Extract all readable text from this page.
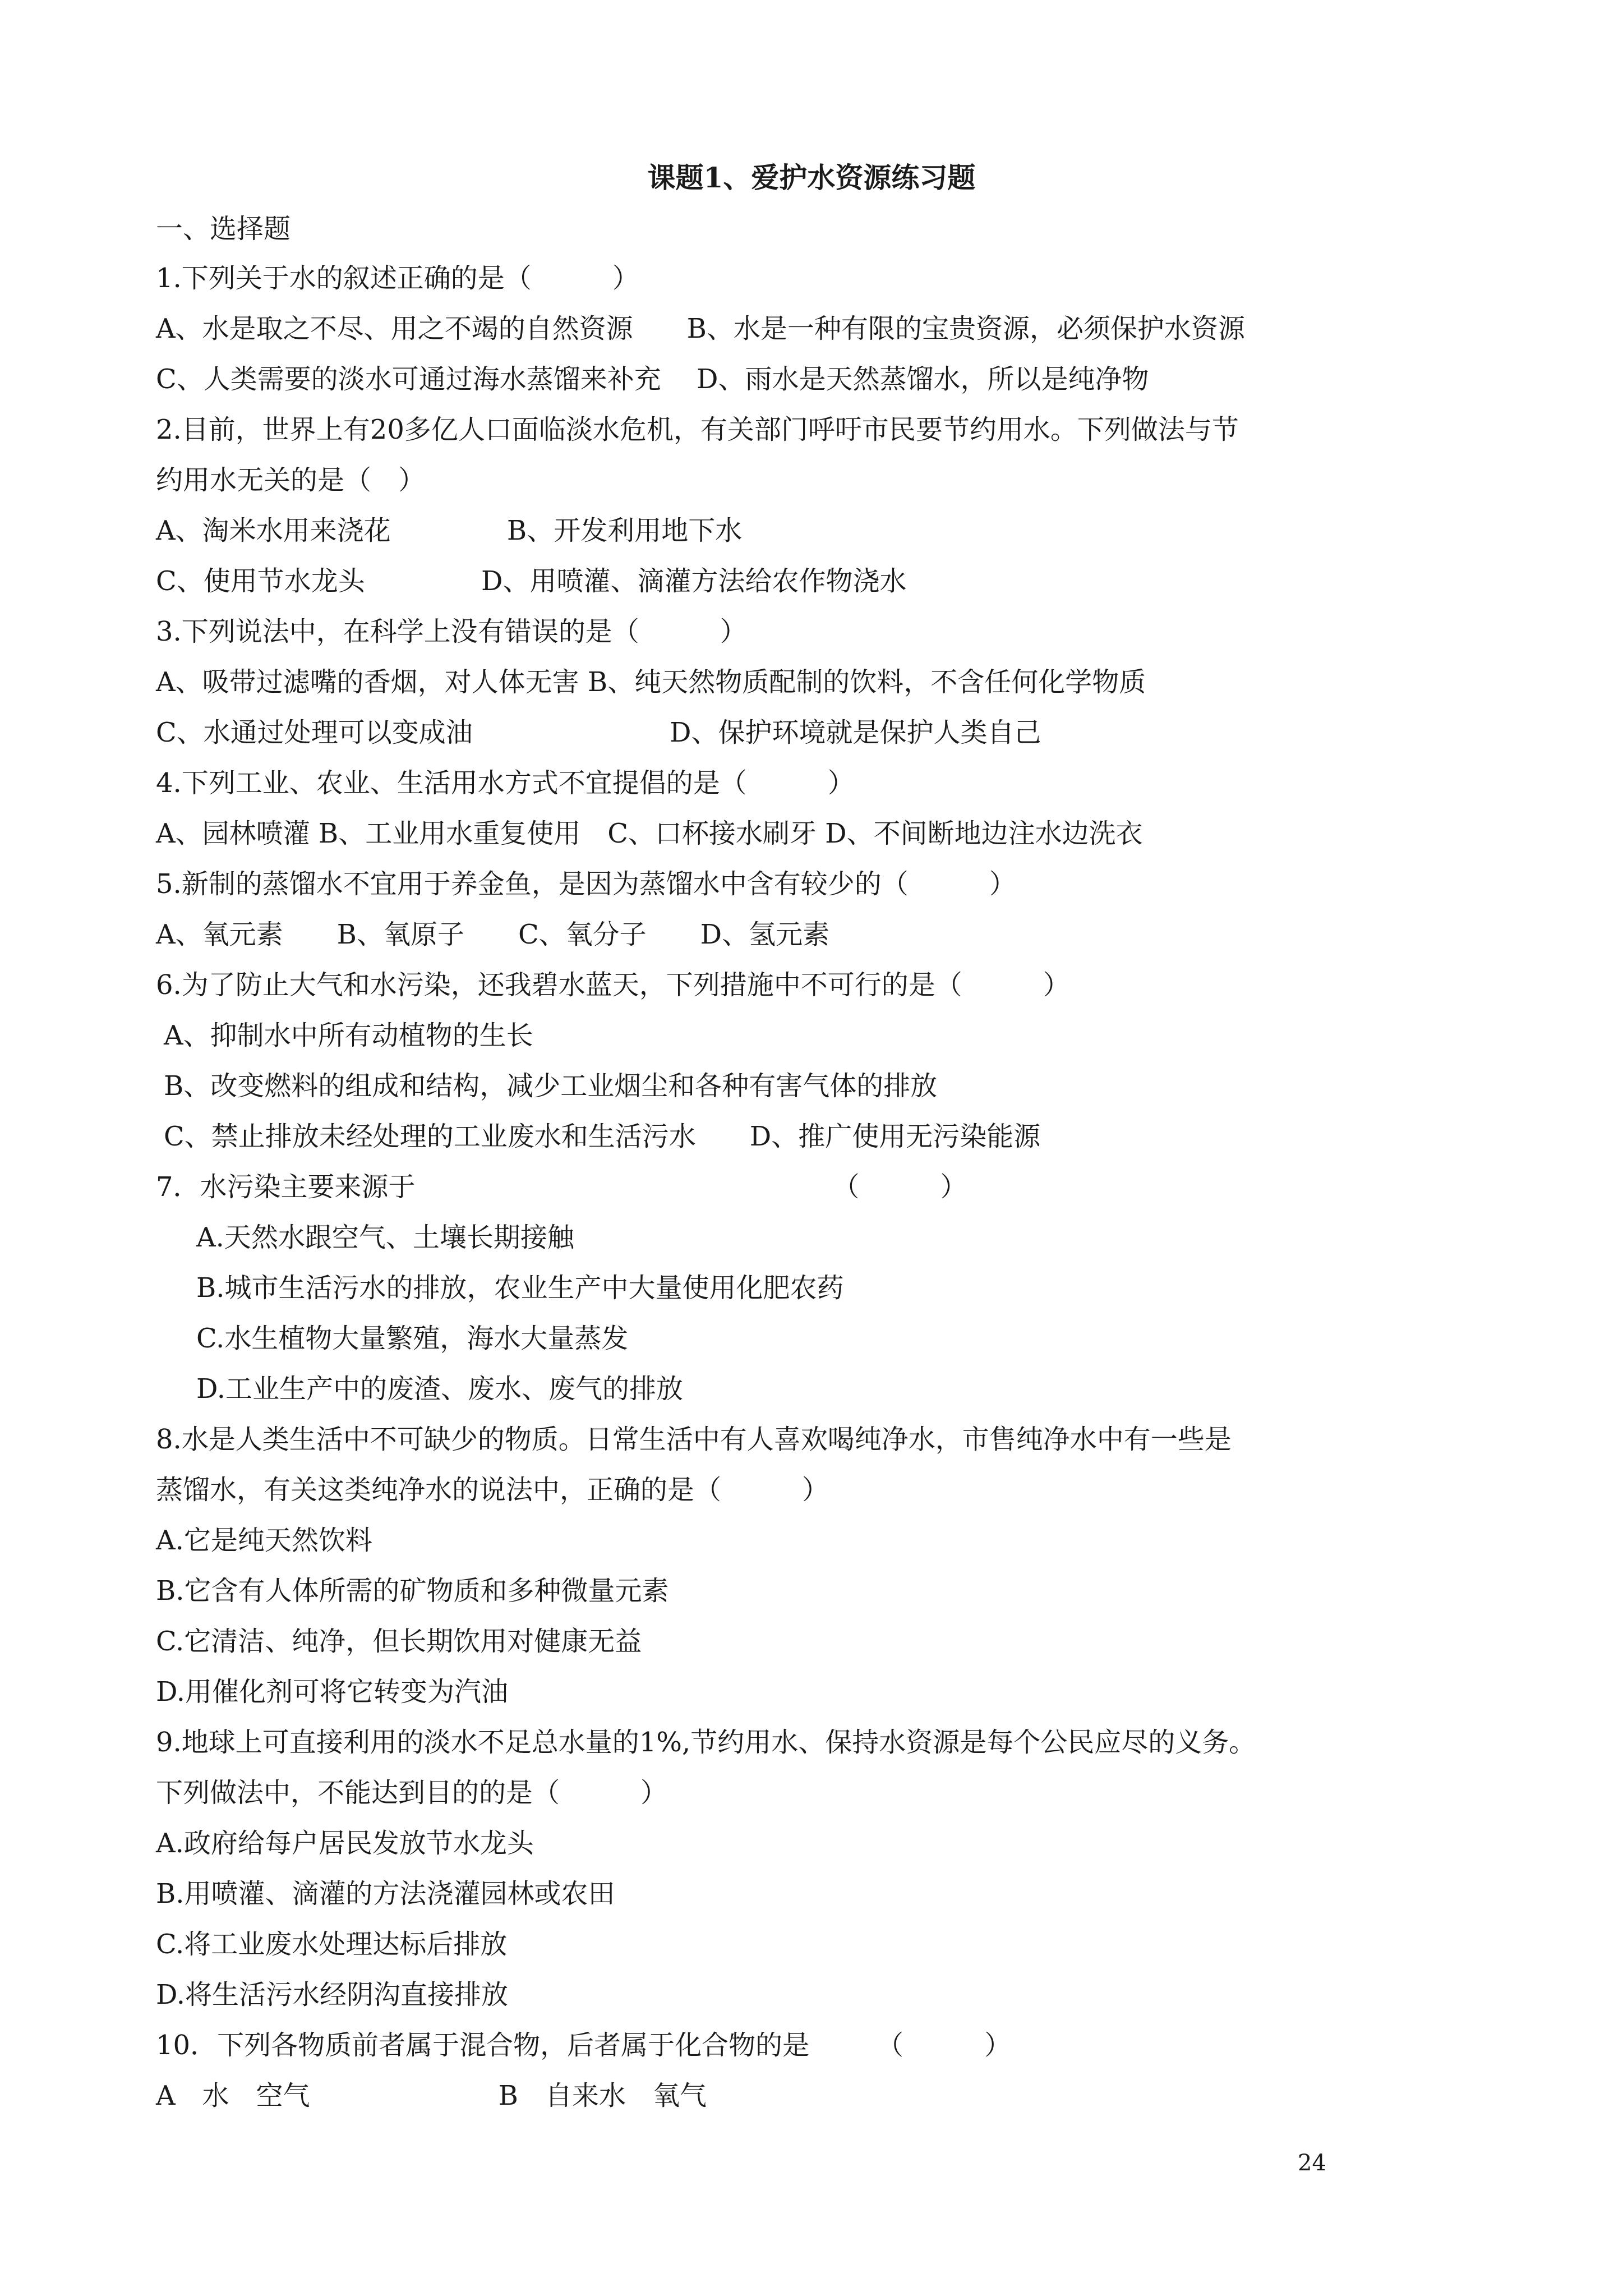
课题1、爱护水资源练习题
一、选择题
1.下列关于水的叙述正确的是（　　　）
A、水是取之不尽、用之不竭的自然资源　　B、水是一种有限的宝贵资源，必须保护水资源
C、人类需要的淡水可通过海水蒸馏来补充　 D、雨水是天然蒸馏水，所以是纯净物
2.目前，世界上有20多亿人口面临淡水危机，有关部门呼吁市民要节约用水。下列做法与节
约用水无关的是（　）
A、淘米水用来浇花　　　　 B、开发利用地下水
C、使用节水龙头　　　　 D、用喷灌、滴灌方法给农作物浇水
3.下列说法中，在科学上没有错误的是（　　　）
A、吸带过滤嘴的香烟，对人体无害 B、纯天然物质配制的饮料，不含任何化学物质
C、水通过处理可以变成油　　　　　　　 D、保护环境就是保护人类自己
4.下列工业、农业、生活用水方式不宜提倡的是（　　　）
A、园林喷灌 B、工业用水重复使用　C、口杯接水刷牙 D、不间断地边注水边洗衣
5.新制的蒸馏水不宜用于养金鱼，是因为蒸馏水中含有较少的（　　　）
A、氧元素　　B、氧原子　　C、氧分子　　D、氢元素
6.为了防止大气和水污染，还我碧水蓝天，下列措施中不可行的是（　　　）
A、抑制水中所有动植物的生长
B、改变燃料的组成和结构，减少工业烟尘和各种有害气体的排放
C、禁止排放未经处理的工业废水和生活污水　　D、推广使用无污染能源
7．水污染主要来源于　　　　　　　　　　　　　　　　（　　　）
A.天然水跟空气、土壤长期接触
B.城市生活污水的排放，农业生产中大量使用化肥农药
C.水生植物大量繁殖，海水大量蒸发
D.工业生产中的废渣、废水、废气的排放
8.水是人类生活中不可缺少的物质。日常生活中有人喜欢喝纯净水，市售纯净水中有一些是
蒸馏水，有关这类纯净水的说法中，正确的是（　　　）
A.它是纯天然饮料
B.它含有人体所需的矿物质和多种微量元素
C.它清洁、纯净，但长期饮用对健康无益
D.用催化剂可将它转变为汽油
9.地球上可直接利用的淡水不足总水量的1%,节约用水、保持水资源是每个公民应尽的义务。
下列做法中，不能达到目的的是（　　　）
A.政府给每户居民发放节水龙头
B.用喷灌、滴灌的方法浇灌园林或农田
C.将工业废水处理达标后排放
D.将生活污水经阴沟直接排放
10．下列各物质前者属于混合物，后者属于化合物的是　　　（　　　）
A　水　空气　　　　　　　B　自来水　氧气
24
